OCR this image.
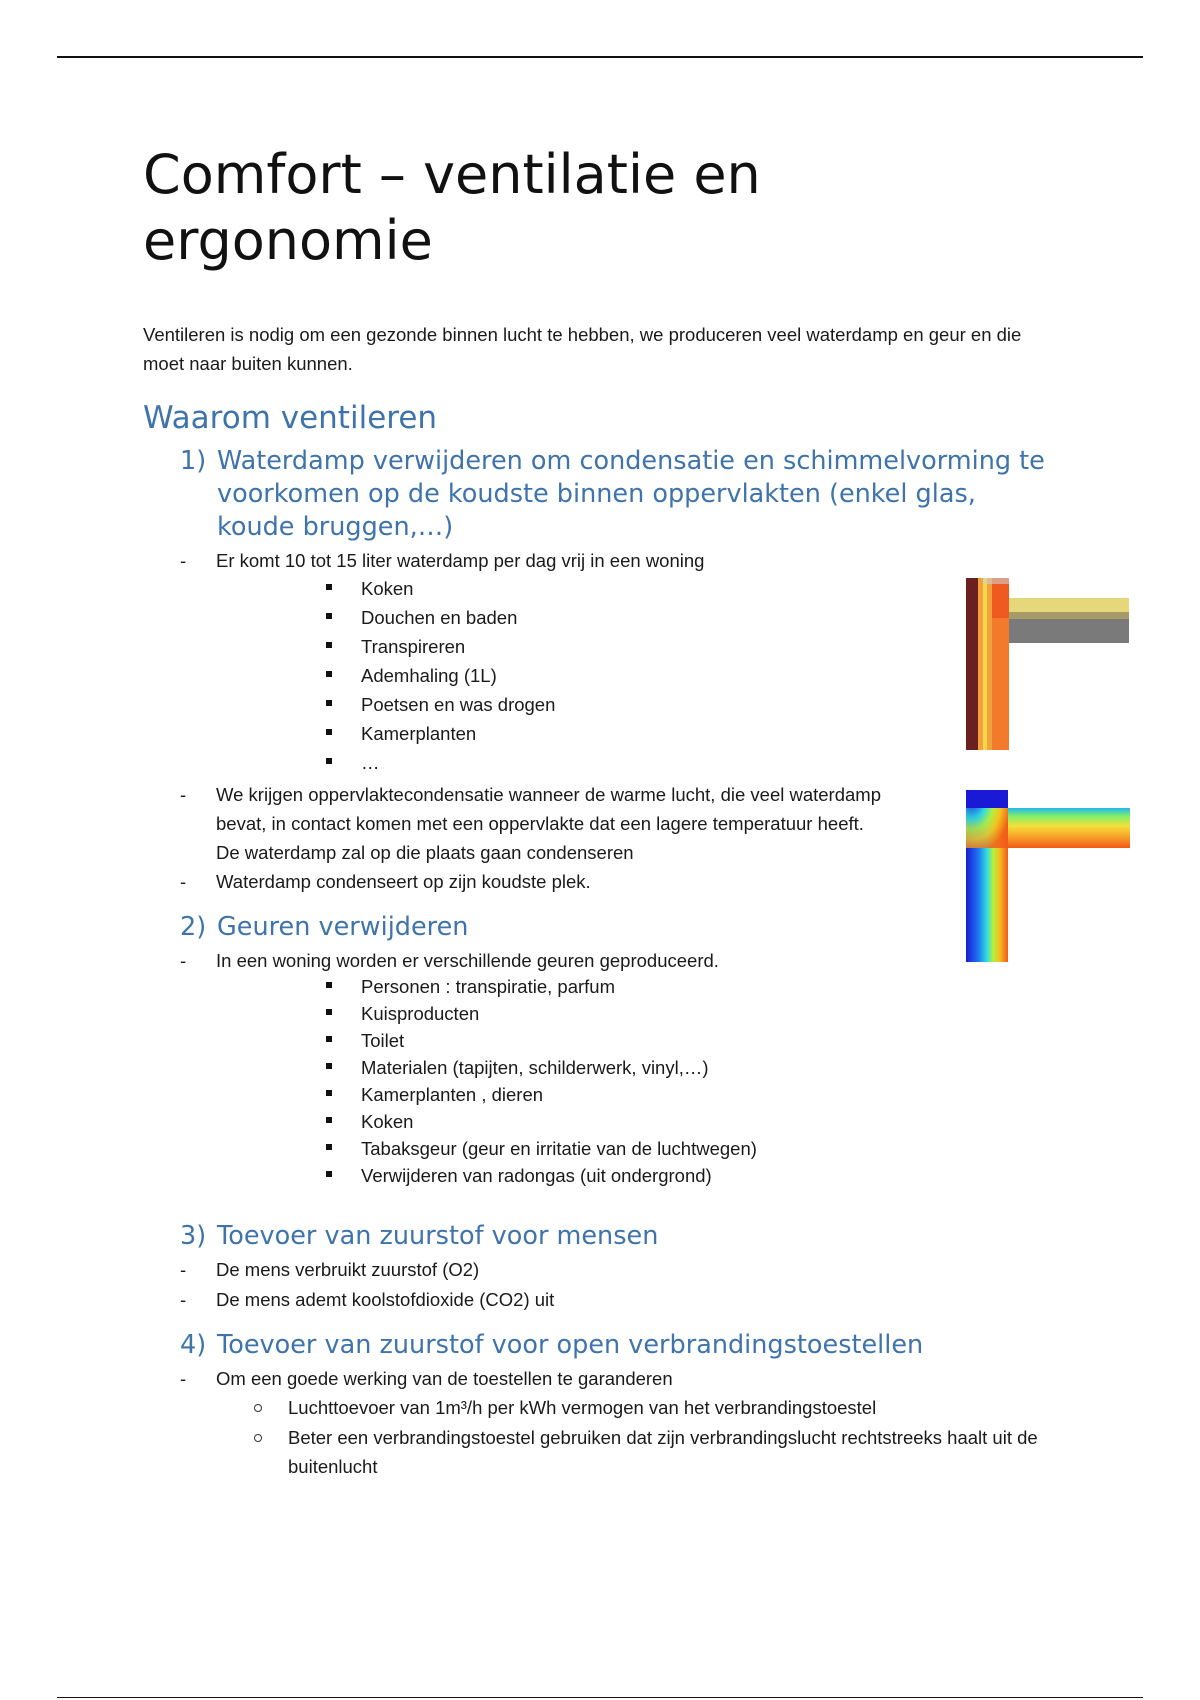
Comfort – ventilatie en ergonomie

Ventileren is nodig om een gezonde binnen lucht te hebben, we produceren veel waterdamp en geur en die moet naar buiten kunnen.

Waarom ventileren
1) Waterdamp verwijderen om condensatie en schimmelvorming te voorkomen op de koudste binnen oppervlakten (enkel glas, koude bruggen,…)
- Er komt 10 tot 15 liter waterdamp per dag vrij in een woning
Koken
Douchen en baden
Transpireren
Ademhaling (1L)
Poetsen en was drogen
Kamerplanten
…
- We krijgen oppervlaktecondensatie wanneer de warme lucht, die veel waterdamp bevat, in contact komen met een oppervlakte dat een lagere temperatuur heeft. De waterdamp zal op die plaats gaan condenseren
- Waterdamp condenseert op zijn koudste plek.
2) Geuren verwijderen
- In een woning worden er verschillende geuren geproduceerd.
Personen : transpiratie, parfum
Kuisproducten
Toilet
Materialen (tapijten, schilderwerk, vinyl,…)
Kamerplanten , dieren
Koken
Tabaksgeur (geur en irritatie van de luchtwegen)
Verwijderen van radongas (uit ondergrond)
3) Toevoer van zuurstof voor mensen
- De mens verbruikt zuurstof (O2)
- De mens ademt koolstofdioxide (CO2) uit
4) Toevoer van zuurstof voor open verbrandingstoestellen
- Om een goede werking van de toestellen te garanderen
Luchttoevoer van 1m³/h per kWh vermogen van het verbrandingstoestel
Beter een verbrandingstoestel gebruiken dat zijn verbrandingslucht rechtstreeks haalt uit de buitenlucht
